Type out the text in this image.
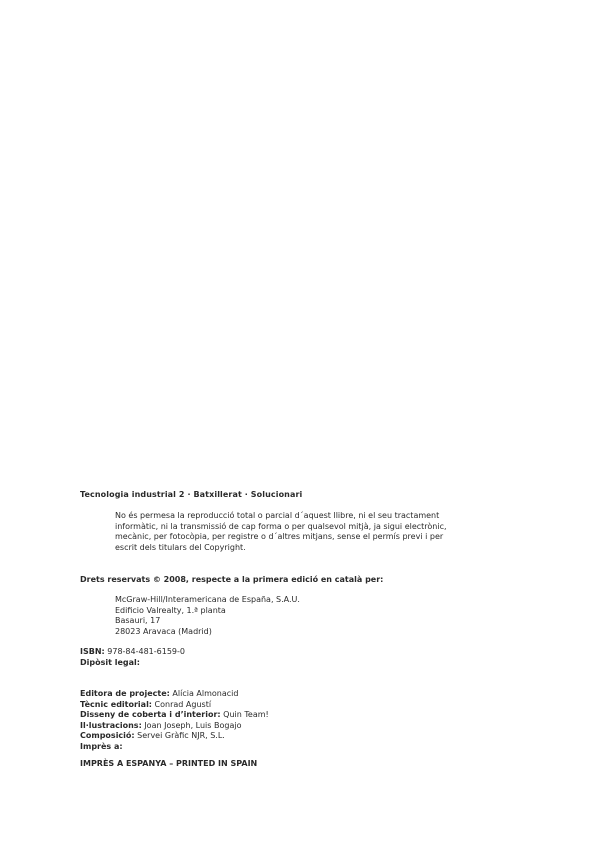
Tecnologia industrial 2 · Batxillerat · Solucionari

No és permesa la reproducció total o parcial d´aquest llibre, ni el seu tractament
informàtic, ni la transmissió de cap forma o per qualsevol mitjà, ja sigui electrònic,
mecànic, per fotocòpia, per registre o d´altres mitjans, sense el permís previ i per
escrit dels titulars del Copyright.

Drets reservats © 2008, respecte a la primera edició en català per:
McGraw-Hill/Interamericana de España, S.A.U.
Edificio Valrealty, 1.ª planta
Basauri, 17
28023 Aravaca (Madrid)
ISBN: 978-84-481-6159-0
Dipòsit legal:
Editora de projecte: Alícia Almonacid
Tècnic editorial: Conrad Agustí
Disseny de coberta i d’interior: Quin Team!
Il·lustracions: Joan Joseph, Luis Bogajo
Composició: Servei Gràfic NJR, S.L.
Imprès a:
IMPRÈS A ESPANYA – PRINTED IN SPAIN
